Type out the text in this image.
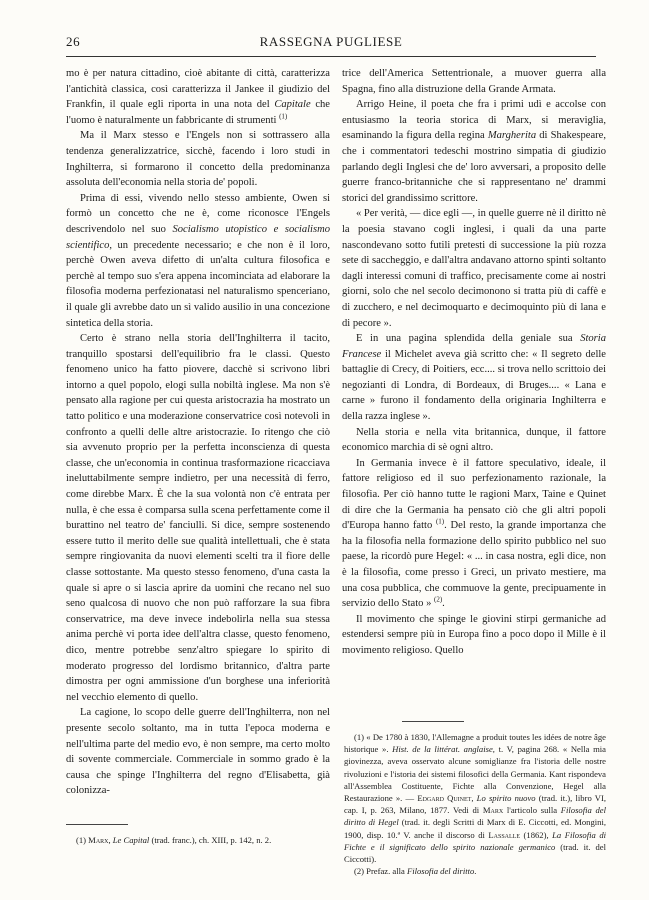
26	RASSEGNA PUGLIESE

mo è per natura cittadino, cioè abitante di città, caratterizza l'antichità classica, così caratterizza il Jankee il giudizio del Frankfin, il quale egli riporta in una nota del Capitale che l'uomo è naturalmente un fabbricante di strumenti $^{(1)}$

Ma il Marx stesso e l'Engels non si sottrassero alla tendenza generalizzatrice, sicchè, facendo i loro studi in Inghilterra, si formarono il concetto della predominanza assoluta dell'economia nella storia de' popoli.

Prima di essi, vivendo nello stesso ambiente, Owen si formò un concetto che ne è, come riconosce l'Engels descrivendolo nel suo Socialismo utopistico e socialismo scientifico, un precedente necessario; e che non è il loro, perchè Owen aveva difetto di un'alta cultura filosofica e perchè al tempo suo s'era appena incominciata ad elaborare la filosofia moderna perfezionatasi nel naturalismo spenceriano, il quale gli avrebbe dato un sì valido ausilio in una concezione sintetica della storia.

Certo è strano nella storia dell'Inghilterra il tacito, tranquillo spostarsi dell'equilibrio fra le classi. Questo fenomeno unico ha fatto piovere, dacchè si scrivono libri intorno a quel popolo, elogi sulla nobiltà inglese. Ma non s'è pensato alla ragione per cui questa aristocrazia ha mostrato un tatto politico e una moderazione conservatrice così notevoli in confronto a quelli delle altre aristocrazie. Io ritengo che ciò sia avvenuto proprio per la perfetta inconscienza di questa classe, che un'economia in continua trasformazione ricacciava ineluttabilmente sempre indietro, per una necessità di ferro, come direbbe Marx. È che la sua volontà non c'è entrata per nulla, è che essa è comparsa sulla scena perfettamente come il burattino nel teatro de' fanciulli. Si dice, sempre sostenendo essere tutto il merito delle sue qualità intellettuali, che è stata sempre ringiovanita da nuovi elementi scelti tra il fiore delle classe sottostante. Ma questo stesso fenomeno, d'una casta la quale si apre o si lascia aprire da uomini che recano nel suo seno qualcosa di nuovo che non può rafforzare la sua fibra conservatrice, ma deve invece indebolirla nella sua stessa anima perchè vi porta idee dell'altra classe, questo fenomeno, dico, mentre potrebbe senz'altro spiegare lo spirito di moderato progresso del lordismo britannico, d'altra parte dimostra per ogni ammissione d'un borghese una inferiorità nel vecchio elemento di quello.

La cagione, lo scopo delle guerre dell'Inghilterra, non nel presente secolo soltanto, ma in tutta l'epoca moderna e nell'ultima parte del medio evo, è non sempre, ma certo molto di sovente commerciale. Commerciale in sommo grado è la causa che spinge l'Inghilterra del regno d'Elisabetta, già colonizza-

(1) Marx, Le Capital (trad. franc.), ch. XIII, p. 142, n. 2.

trice dell'America Settentrionale, a muover guerra alla Spagna, fino alla distruzione della Grande Armata.

Arrigo Heine, il poeta che fra i primi udì e accolse con entusiasmo la teoria storica di Marx, si meraviglia, esaminando la figura della regina Margherita di Shakespeare, che i commentatori tedeschi mostrino simpatia di giudizio parlando degli Inglesi che de' loro avversari, a proposito delle guerre franco-britanniche che si rappresentano ne' drammi storici del grandissimo scrittore.

« Per verità, — dice egli —, in quelle guerre nè il diritto nè la poesia stavano cogli inglesi, i quali da una parte nascondevano sotto futili pretesti di successione la più rozza sete di saccheggio, e dall'altra andavano attorno spinti soltanto dagli interessi comuni di traffico, precisamente come ai nostri giorni, solo che nel secolo decimonono si tratta più di caffè e di zucchero, e nel decimoquarto e decimoquinto più di lana e di pecore ».

E in una pagina splendida della geniale sua Storia Francese il Michelet aveva già scritto che: « Il segreto delle battaglie di Crecy, di Poitiers, ecc.... si trova nello scrittoio dei negozianti di Londra, di Bordeaux, di Bruges.... « Lana e carne » furono il fondamento della originaria Inghilterra e della razza inglese ».

Nella storia e nella vita britannica, dunque, il fattore economico marchia di sè ogni altro.

In Germania invece è il fattore speculativo, ideale, il fattore religioso ed il suo perfezionamento razionale, la filosofia. Per ciò hanno tutte le ragioni Marx, Taine e Quinet di dire che la Germania ha pensato ciò che gli altri popoli d'Europa hanno fatto $^{(1)}$. Del resto, la grande importanza che ha la filosofia nella formazione dello spirito pubblico nel suo paese, la ricordò pure Hegel: « ... in casa nostra, egli dice, non è la filosofia, come presso i Greci, un privato mestiere, ma una cosa pubblica, che commuove la gente, precipuamente in servizio dello Stato » $^{(2)}$.

Il movimento che spinge le giovini stirpi germaniche ad estendersi sempre più in Europa fino a poco dopo il Mille è il movimento religioso. Quello

(1) « De 1780 à 1830, l'Allemagne a produit toutes les idées de notre âge historique ». Hist. de la littérat. anglaise, t. V, pagina 268. « Nella mia giovinezza, aveva osservato alcune somiglianze fra l'istoria delle nostre rivoluzioni e l'istoria dei sistemi filosofici della Germania. Kant rispondeva all'Assemblea Costituente, Fichte alla Convenzione, Hegel alla Restaurazione ». — Edgard Quinet, Lo spirito nuovo (trad. it.), libro VI, cap. I, p. 263, Milano, 1877. Vedi di Marx l'articolo sulla Filosofia del diritto di Hegel (trad. it. degli Scritti di Marx di E. Ciccotti, ed. Mongini, 1900, disp. 10.ª V. anche il discorso di Lassalle (1862), La Filosofia di Fichte e il significato dello spirito nazionale germanico (trad. it. del Ciccotti).

(2) Prefaz. alla Filosofia del diritto.
